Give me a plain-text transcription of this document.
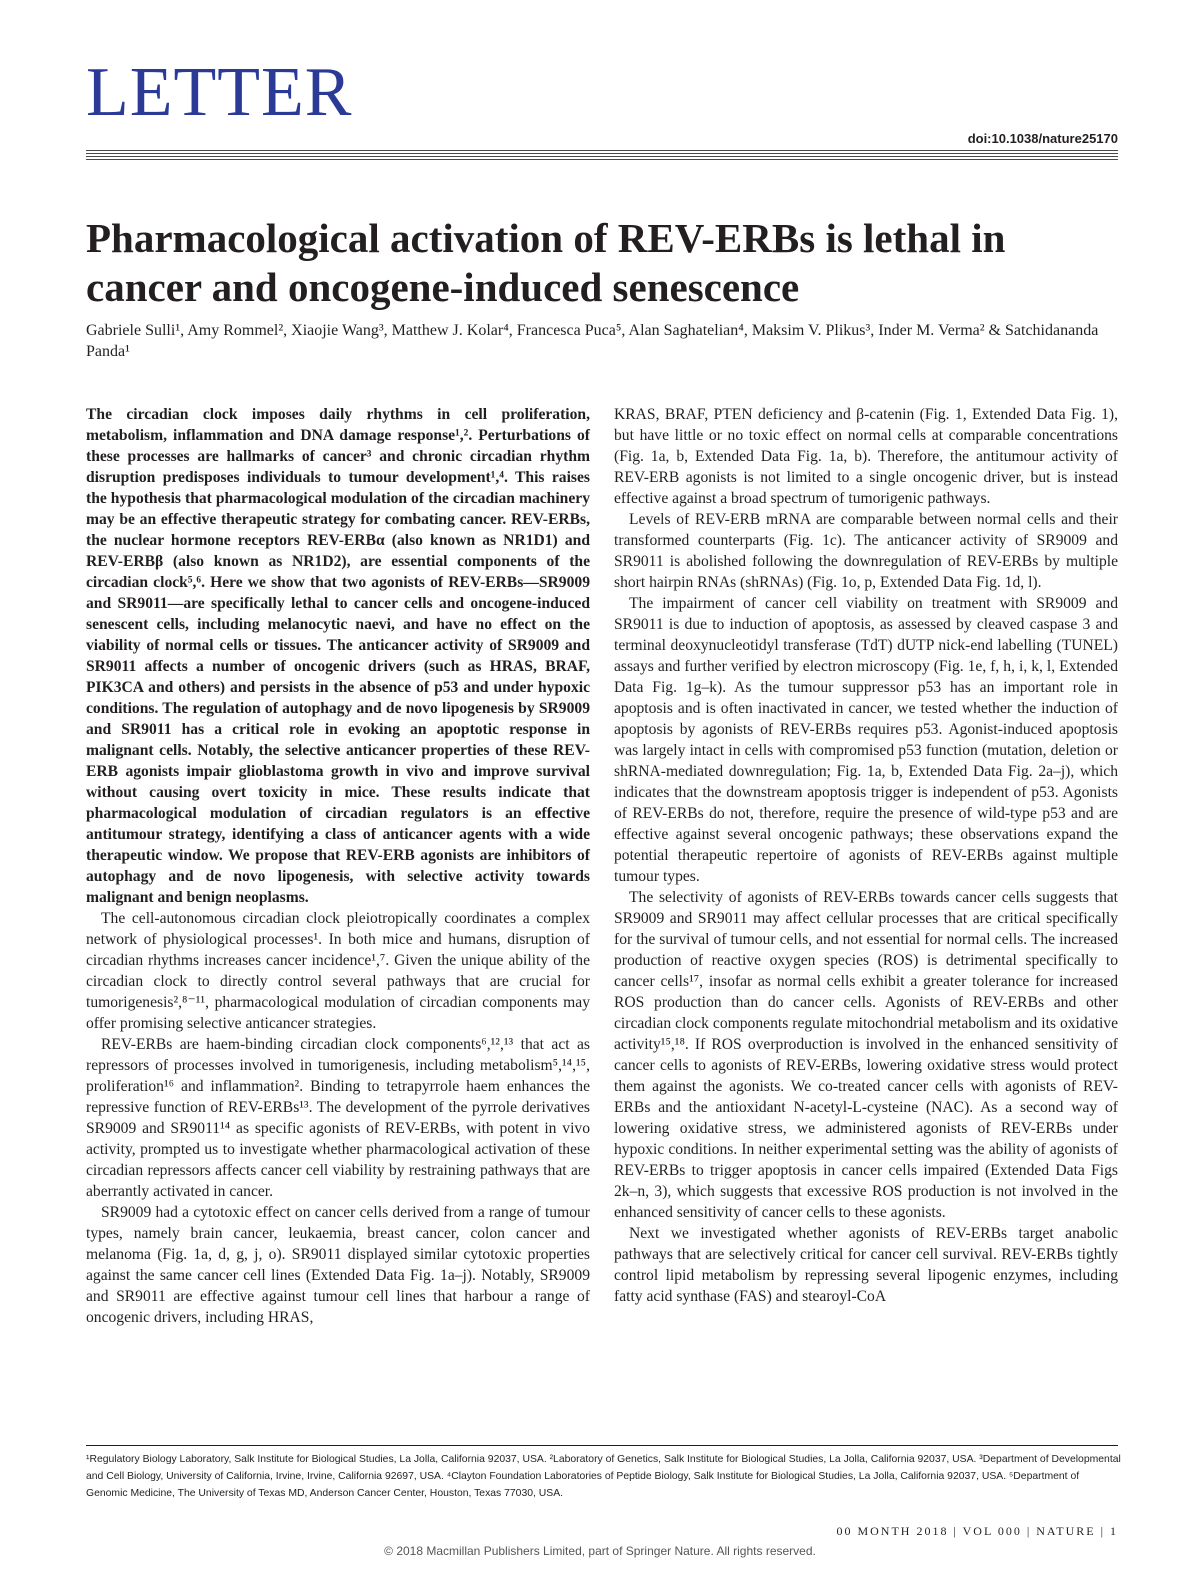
LETTER
doi:10.1038/nature25170
Pharmacological activation of REV-ERBs is lethal in cancer and oncogene-induced senescence
Gabriele Sulli¹, Amy Rommel², Xiaojie Wang³, Matthew J. Kolar⁴, Francesca Puca⁵, Alan Saghatelian⁴, Maksim V. Plikus³, Inder M. Verma² & Satchidananda Panda¹

The circadian clock imposes daily rhythms in cell proliferation, metabolism, inflammation and DNA damage response¹,². Perturbations of these processes are hallmarks of cancer³ and chronic circadian rhythm disruption predisposes individuals to tumour development¹,⁴. This raises the hypothesis that pharmacological modulation of the circadian machinery may be an effective therapeutic strategy for combating cancer. REV-ERBs, the nuclear hormone receptors REV-ERBα (also known as NR1D1) and REV-ERBβ (also known as NR1D2), are essential components of the circadian clock⁵,⁶. Here we show that two agonists of REV-ERBs—SR9009 and SR9011—are specifically lethal to cancer cells and oncogene-induced senescent cells, including melanocytic naevi, and have no effect on the viability of normal cells or tissues. The anticancer activity of SR9009 and SR9011 affects a number of oncogenic drivers (such as HRAS, BRAF, PIK3CA and others) and persists in the absence of p53 and under hypoxic conditions. The regulation of autophagy and de novo lipogenesis by SR9009 and SR9011 has a critical role in evoking an apoptotic response in malignant cells. Notably, the selective anticancer properties of these REV-ERB agonists impair glioblastoma growth in vivo and improve survival without causing overt toxicity in mice. These results indicate that pharmacological modulation of circadian regulators is an effective antitumour strategy, identifying a class of anticancer agents with a wide therapeutic window. We propose that REV-ERB agonists are inhibitors of autophagy and de novo lipogenesis, with selective activity towards malignant and benign neoplasms.

The cell-autonomous circadian clock pleiotropically coordinates a complex network of physiological processes¹. In both mice and humans, disruption of circadian rhythms increases cancer incidence¹,⁷. Given the unique ability of the circadian clock to directly control several pathways that are crucial for tumorigenesis²,⁸⁻¹¹, pharmacological modulation of circadian components may offer promising selective anticancer strategies.

REV-ERBs are haem-binding circadian clock components⁶,¹²,¹³ that act as repressors of processes involved in tumorigenesis, including metabolism⁵,¹⁴,¹⁵, proliferation¹⁶ and inflammation². Binding to tetrapyrrole haem enhances the repressive function of REV-ERBs¹³. The development of the pyrrole derivatives SR9009 and SR9011¹⁴ as specific agonists of REV-ERBs, with potent in vivo activity, prompted us to investigate whether pharmacological activation of these circadian repressors affects cancer cell viability by restraining pathways that are aberrantly activated in cancer.

SR9009 had a cytotoxic effect on cancer cells derived from a range of tumour types, namely brain cancer, leukaemia, breast cancer, colon cancer and melanoma (Fig. 1a, d, g, j, o). SR9011 displayed similar cytotoxic properties against the same cancer cell lines (Extended Data Fig. 1a–j). Notably, SR9009 and SR9011 are effective against tumour cell lines that harbour a range of oncogenic drivers, including HRAS,

KRAS, BRAF, PTEN deficiency and β-catenin (Fig. 1, Extended Data Fig. 1), but have little or no toxic effect on normal cells at comparable concentrations (Fig. 1a, b, Extended Data Fig. 1a, b). Therefore, the antitumour activity of REV-ERB agonists is not limited to a single oncogenic driver, but is instead effective against a broad spectrum of tumorigenic pathways.

Levels of REV-ERB mRNA are comparable between normal cells and their transformed counterparts (Fig. 1c). The anticancer activity of SR9009 and SR9011 is abolished following the downregulation of REV-ERBs by multiple short hairpin RNAs (shRNAs) (Fig. 1o, p, Extended Data Fig. 1d, l).

The impairment of cancer cell viability on treatment with SR9009 and SR9011 is due to induction of apoptosis, as assessed by cleaved caspase 3 and terminal deoxynucleotidyl transferase (TdT) dUTP nick-end labelling (TUNEL) assays and further verified by electron microscopy (Fig. 1e, f, h, i, k, l, Extended Data Fig. 1g–k). As the tumour suppressor p53 has an important role in apoptosis and is often inactivated in cancer, we tested whether the induction of apoptosis by agonists of REV-ERBs requires p53. Agonist-induced apoptosis was largely intact in cells with compromised p53 function (mutation, deletion or shRNA-mediated downregulation; Fig. 1a, b, Extended Data Fig. 2a–j), which indicates that the downstream apoptosis trigger is independent of p53. Agonists of REV-ERBs do not, therefore, require the presence of wild-type p53 and are effective against several oncogenic pathways; these observations expand the potential therapeutic repertoire of agonists of REV-ERBs against multiple tumour types.

The selectivity of agonists of REV-ERBs towards cancer cells suggests that SR9009 and SR9011 may affect cellular processes that are critical specifically for the survival of tumour cells, and not essential for normal cells. The increased production of reactive oxygen species (ROS) is detrimental specifically to cancer cells¹⁷, insofar as normal cells exhibit a greater tolerance for increased ROS production than do cancer cells. Agonists of REV-ERBs and other circadian clock components regulate mitochondrial metabolism and its oxidative activity¹⁵,¹⁸. If ROS overproduction is involved in the enhanced sensitivity of cancer cells to agonists of REV-ERBs, lowering oxidative stress would protect them against the agonists. We co-treated cancer cells with agonists of REV-ERBs and the antioxidant N-acetyl-L-cysteine (NAC). As a second way of lowering oxidative stress, we administered agonists of REV-ERBs under hypoxic conditions. In neither experimental setting was the ability of agonists of REV-ERBs to trigger apoptosis in cancer cells impaired (Extended Data Figs 2k–n, 3), which suggests that excessive ROS production is not involved in the enhanced sensitivity of cancer cells to these agonists.

Next we investigated whether agonists of REV-ERBs target anabolic pathways that are selectively critical for cancer cell survival. REV-ERBs tightly control lipid metabolism by repressing several lipogenic enzymes, including fatty acid synthase (FAS) and stearoyl-CoA

¹Regulatory Biology Laboratory, Salk Institute for Biological Studies, La Jolla, California 92037, USA. ²Laboratory of Genetics, Salk Institute for Biological Studies, La Jolla, California 92037, USA. ³Department of Developmental and Cell Biology, University of California, Irvine, Irvine, California 92697, USA. ⁴Clayton Foundation Laboratories of Peptide Biology, Salk Institute for Biological Studies, La Jolla, California 92037, USA. ⁵Department of Genomic Medicine, The University of Texas MD, Anderson Cancer Center, Houston, Texas 77030, USA.
00 MONTH 2018 | VOL 000 | NATURE | 1
© 2018 Macmillan Publishers Limited, part of Springer Nature. All rights reserved.
